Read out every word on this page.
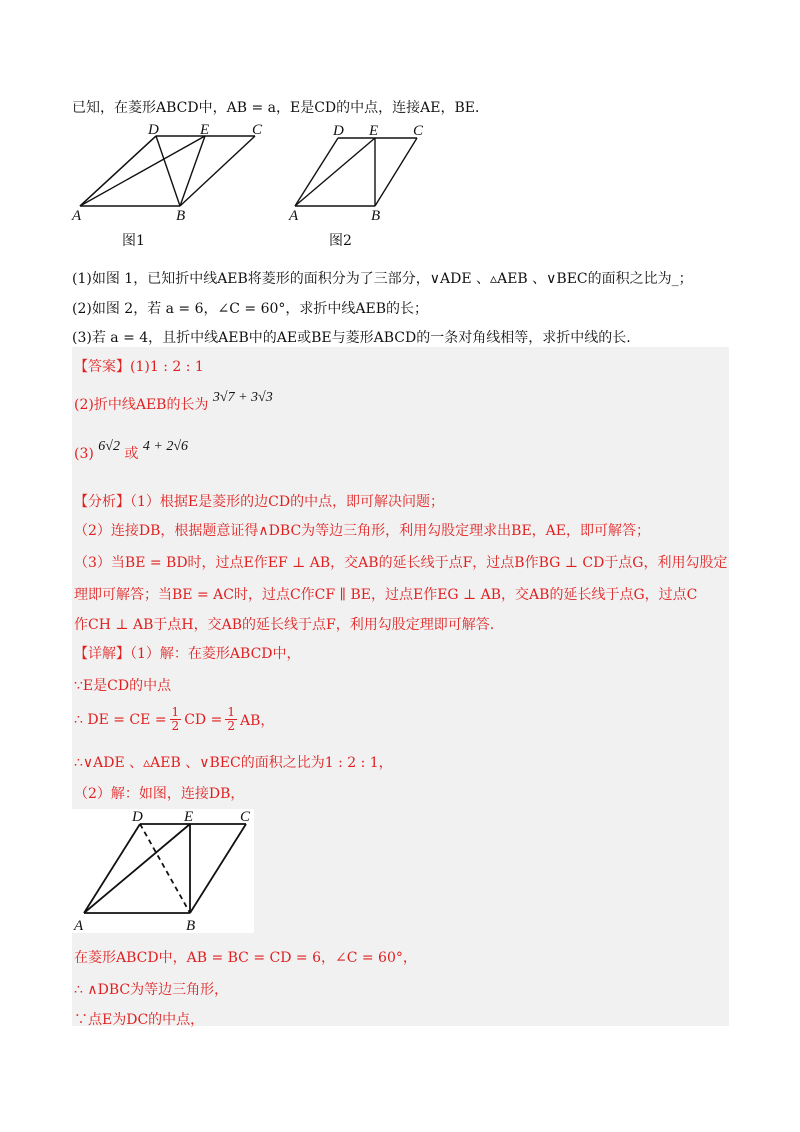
已知，在菱形ABCD中，AB = a，E是CD的中点，连接AE，BE．
A	B
C
D	E
图1
A	B
C
D E
图2
(1)如图 1，已知折中线AEB将菱形的面积分为了三部分，∨ADE 、▵AEB 、∨BEC的面积之比为_；
(2)如图 2，若 a = 6，∠C = 60°，求折中线AEB的长；
(3)若 a = 4，且折中线AEB中的AE或BE与菱形ABCD的一条对角线相等，求折中线的长.
【答案】(1)1 : 2 : 1
(2)折中线AEB的长为 3√7 + 3√3
(3) 6√2 或 4 + 2√6
【分析】（1）根据E是菱形的边CD的中点，即可解决问题；
（2）连接DB，根据题意证得∧DBC为等边三角形，利用勾股定理求出BE，AE，即可解答；
（3）当BE = BD时，过点E作EF ⊥ AB，交AB的延长线于点F，过点B作BG ⊥ CD于点G，利用勾股定
理即可解答；当BE = AC时，过点C作CF ∥ BE，过点E作EG ⊥ AB，交AB的延长线于点G，过点C
作CH ⊥ AB于点H，交AB的延长线于点F，利用勾股定理即可解答.
【详解】（1）解：在菱形ABCD中，
∵E是CD的中点
∴ DE = CE = $\frac{1}{2}$ CD = $\frac{1}{2}$ AB，
∴∨ADE 、▵AEB 、∨BEC的面积之比为1 : 2 : 1，
（2）解：如图，连接DB，
A	B
C
D	E
在菱形ABCD中，AB = BC = CD = 6，∠C = 60°，
∴ ∧DBC为等边三角形，
∵点E为DC的中点，
